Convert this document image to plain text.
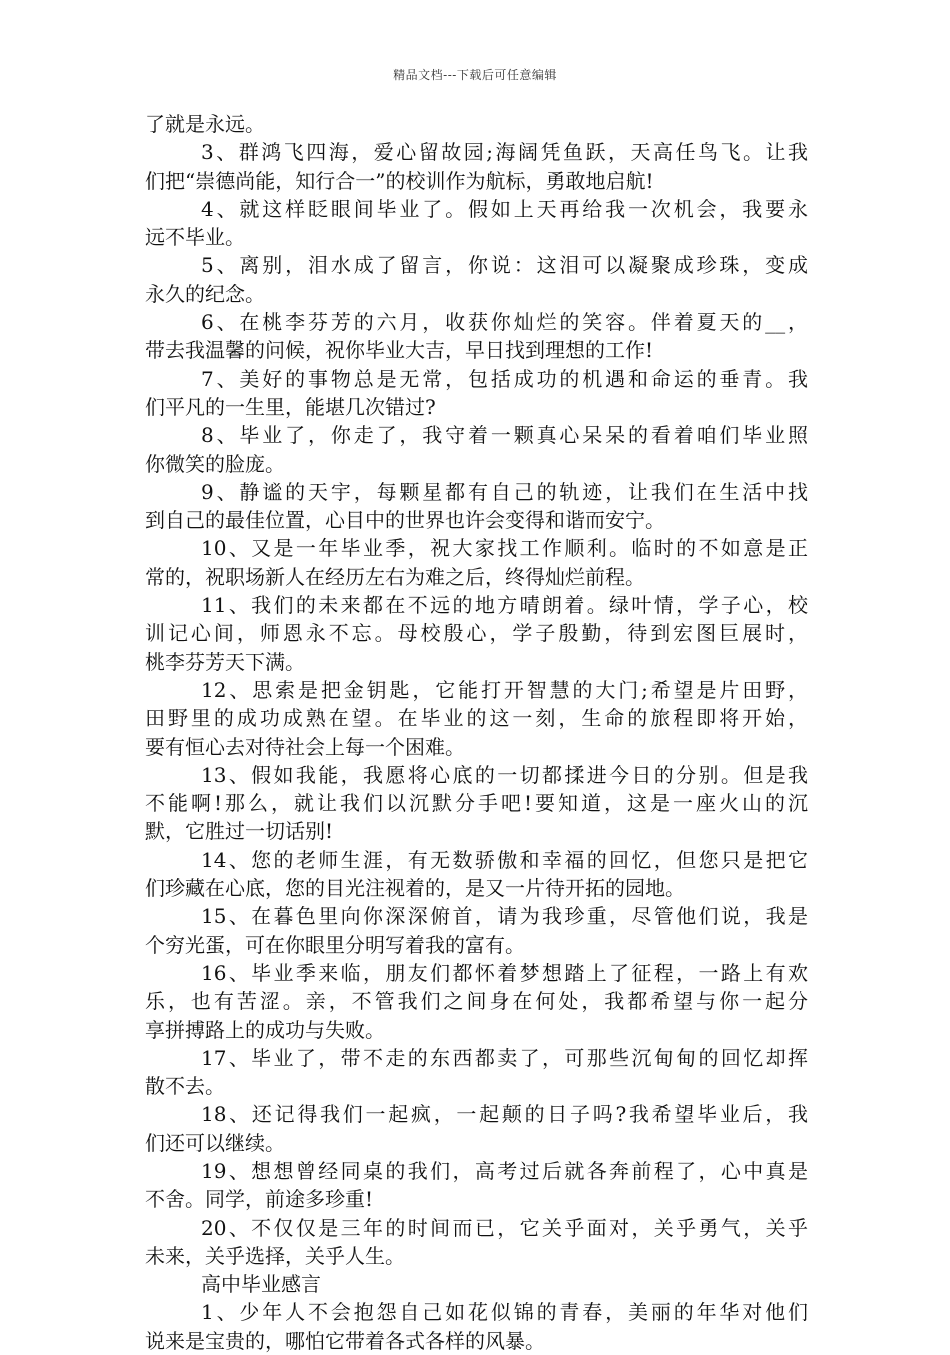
精品文档---下载后可任意编辑
了就是永远。
3、群鸿飞四海，爱心留故园;海阔凭鱼跃，天高任鸟飞。让我
们把“崇德尚能，知行合一”的校训作为航标，勇敢地启航!
4、就这样眨眼间毕业了。假如上天再给我一次机会，我要永
远不毕业。
5、离别，泪水成了留言，你说：这泪可以凝聚成珍珠，变成
永久的纪念。
6、在桃李芬芳的六月，收获你灿烂的笑容。伴着夏天的__，
带去我温馨的问候，祝你毕业大吉，早日找到理想的工作!
7、美好的事物总是无常，包括成功的机遇和命运的垂青。我
们平凡的一生里，能堪几次错过?
8、毕业了，你走了，我守着一颗真心呆呆的看着咱们毕业照
你微笑的脸庞。
9、静谧的天宇，每颗星都有自己的轨迹，让我们在生活中找
到自己的最佳位置，心目中的世界也许会变得和谐而安宁。
10、又是一年毕业季，祝大家找工作顺利。临时的不如意是正
常的，祝职场新人在经历左右为难之后，终得灿烂前程。
11、我们的未来都在不远的地方晴朗着。绿叶情，学子心，校
训记心间，师恩永不忘。母校殷心，学子殷勤，待到宏图巨展时，
桃李芬芳天下满。
12、思索是把金钥匙，它能打开智慧的大门;希望是片田野，
田野里的成功成熟在望。在毕业的这一刻，生命的旅程即将开始，
要有恒心去对待社会上每一个困难。
13、假如我能，我愿将心底的一切都揉进今日的分别。但是我
不能啊!那么，就让我们以沉默分手吧!要知道，这是一座火山的沉
默，它胜过一切话别!
14、您的老师生涯，有无数骄傲和幸福的回忆，但您只是把它
们珍藏在心底，您的目光注视着的，是又一片待开拓的园地。
15、在暮色里向你深深俯首，请为我珍重，尽管他们说，我是
个穷光蛋，可在你眼里分明写着我的富有。
16、毕业季来临，朋友们都怀着梦想踏上了征程，一路上有欢
乐，也有苦涩。亲，不管我们之间身在何处，我都希望与你一起分
享拼搏路上的成功与失败。
17、毕业了，带不走的东西都卖了，可那些沉甸甸的回忆却挥
散不去。
18、还记得我们一起疯，一起颠的日子吗?我希望毕业后，我
们还可以继续。
19、想想曾经同桌的我们，高考过后就各奔前程了，心中真是
不舍。同学，前途多珍重!
20、不仅仅是三年的时间而已，它关乎面对，关乎勇气，关乎
未来，关乎选择，关乎人生。
高中毕业感言
1、少年人不会抱怨自己如花似锦的青春，美丽的年华对他们
说来是宝贵的，哪怕它带着各式各样的风暴。
